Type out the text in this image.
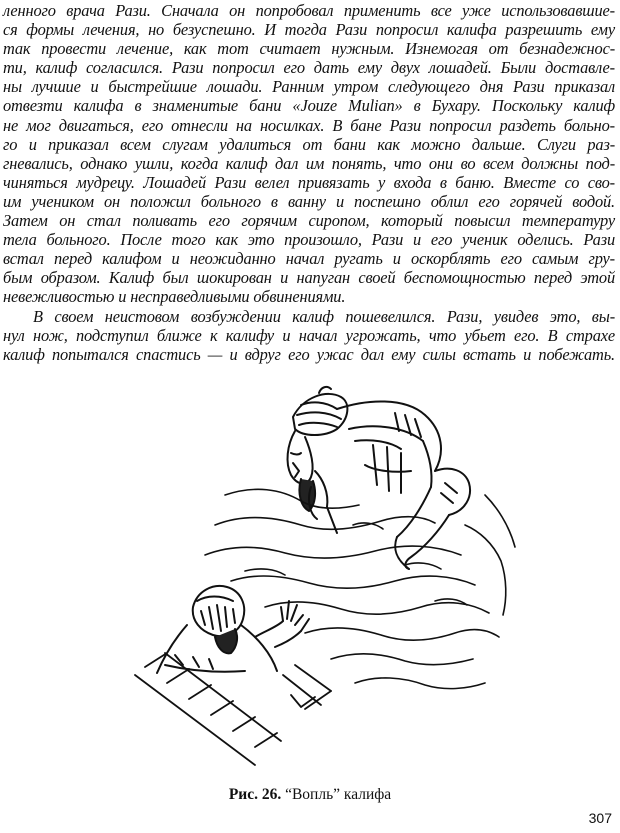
ленного врача Рази. Сначала он попробовал применить все уже использовавшие-
ся формы лечения, но безуспешно. И тогда Рази попросил калифа разрешить ему
так провести лечение, как тот считает нужным. Изнемогая от безнадежнос-
ти, калиф согласился. Рази попросил его дать ему двух лошадей. Были доставле-
ны лучшие и быстрейшие лошади. Ранним утром следующего дня Рази приказал
отвезти калифа в знаменитые бани «Jouze Mulian» в Бухару. Поскольку калиф
не мог двигаться, его отнесли на носилках. В бане Рази попросил раздеть больно-
го и приказал всем слугам удалиться от бани как можно дальше. Слуги раз-
гневались, однако ушли, когда калиф дал им понять, что они во всем должны под-
чиняться мудрецу. Лошадей Рази велел привязать у входа в баню. Вместе со сво-
им учеником он положил больного в ванну и поспешно облил его горячей водой.
Затем он стал поливать его горячим сиропом, который повысил температуру
тела больного. После того как это произошло, Рази и его ученик оделись. Рази
встал перед калифом и неожиданно начал ругать и оскорблять его самым гру-
бым образом. Калиф был шокирован и напуган своей беспомощностью перед этой
невежливостью и несправедливыми обвинениями.
В своем неистовом возбуждении калиф пошевелился. Рази, увидев это, вы-
нул нож, подступил ближе к калифу и начал угрожать, что убьет его. В страхе
калиф попытался спастись — и вдруг его ужас дал ему силы встать и побежать.
Рис. 26. “Вопль” калифа
307
